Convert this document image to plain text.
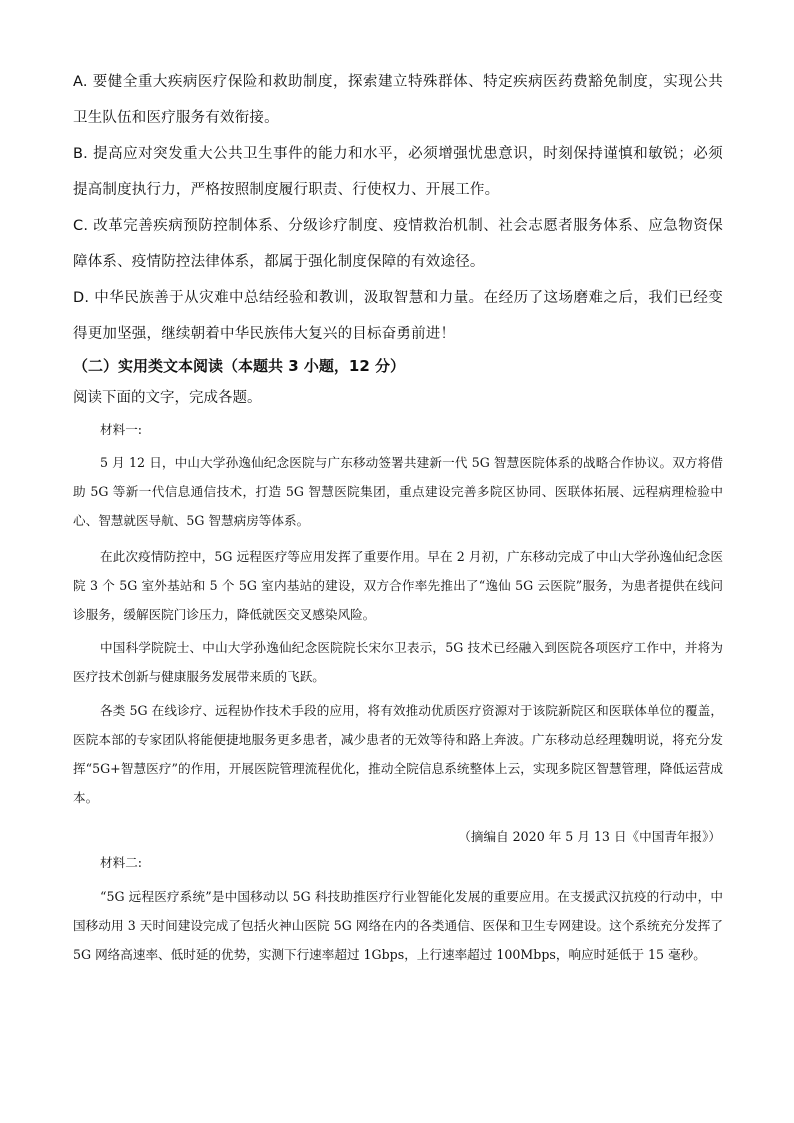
A. 要健全重大疾病医疗保险和救助制度，探索建立特殊群体、特定疾病医药费豁免制度，实现公共卫生队伍和医疗服务有效衔接。
B. 提高应对突发重大公共卫生事件的能力和水平，必须增强忧患意识，时刻保持谨慎和敏锐；必须提高制度执行力，严格按照制度履行职责、行使权力、开展工作。
C. 改革完善疾病预防控制体系、分级诊疗制度、疫情救治机制、社会志愿者服务体系、应急物资保障体系、疫情防控法律体系，都属于强化制度保障的有效途径。
D. 中华民族善于从灾难中总结经验和教训，汲取智慧和力量。在经历了这场磨难之后，我们已经变得更加坚强，继续朝着中华民族伟大复兴的目标奋勇前进！
（二）实用类文本阅读（本题共 3 小题，12 分）
阅读下面的文字，完成各题。
材料一:
5 月 12 日，中山大学孙逸仙纪念医院与广东移动签署共建新一代 5G 智慧医院体系的战略合作协议。双方将借助 5G 等新一代信息通信技术，打造 5G 智慧医院集团，重点建设完善多院区协同、医联体拓展、远程病理检验中心、智慧就医导航、5G 智慧病房等体系。
在此次疫情防控中，5G 远程医疗等应用发挥了重要作用。早在 2 月初，广东移动完成了中山大学孙逸仙纪念医院 3 个 5G 室外基站和 5 个 5G 室内基站的建设，双方合作率先推出了“逸仙 5G 云医院”服务，为患者提供在线问诊服务，缓解医院门诊压力，降低就医交叉感染风险。
中国科学院院士、中山大学孙逸仙纪念医院院长宋尔卫表示，5G 技术已经融入到医院各项医疗工作中，并将为医疗技术创新与健康服务发展带来质的飞跃。
各类 5G 在线诊疗、远程协作技术手段的应用，将有效推动优质医疗资源对于该院新院区和医联体单位的覆盖，医院本部的专家团队将能便捷地服务更多患者，减少患者的无效等待和路上奔波。广东移动总经理魏明说，将充分发挥“5G+智慧医疗”的作用，开展医院管理流程优化，推动全院信息系统整体上云，实现多院区智慧管理，降低运营成本。
（摘编自 2020 年 5 月 13 日《中国青年报》）
材料二:
“5G 远程医疗系统”是中国移动以 5G 科技助推医疗行业智能化发展的重要应用。在支援武汉抗疫的行动中，中国移动用 3 天时间建设完成了包括火神山医院 5G 网络在内的各类通信、医保和卫生专网建设。这个系统充分发挥了 5G 网络高速率、低时延的优势，实测下行速率超过 1Gbps，上行速率超过 100Mbps，响应时延低于 15 毫秒。
